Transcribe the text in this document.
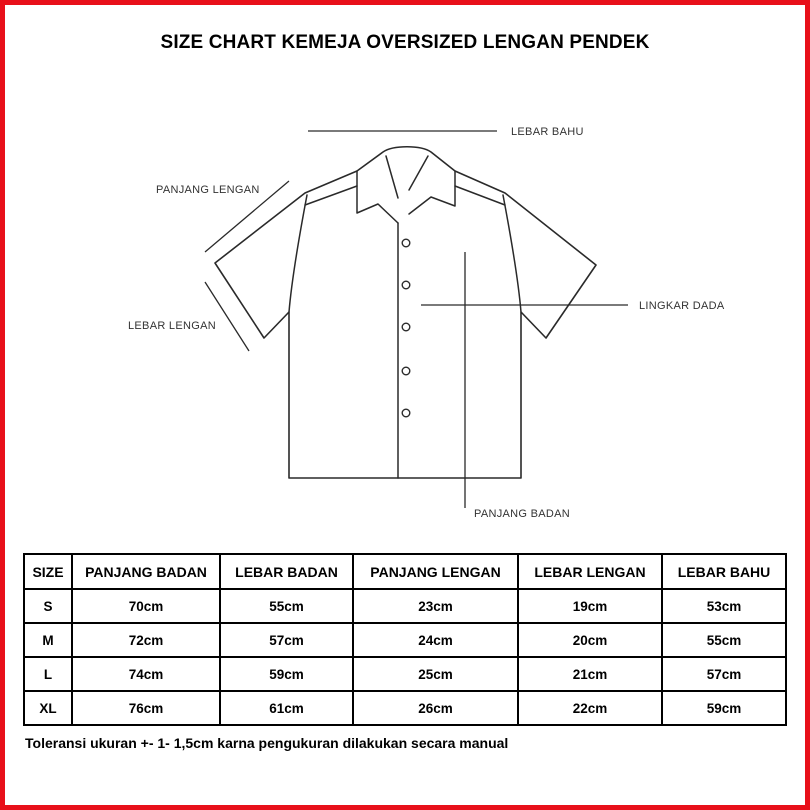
SIZE CHART KEMEJA OVERSIZED LENGAN PENDEK
LEBAR BAHU
PANJANG LENGAN
LEBAR LENGAN
LINGKAR DADA
PANJANG BADAN
SIZE	PANJANG BADAN	LEBAR BADAN	PANJANG LENGAN	LEBAR LENGAN	LEBAR BAHU
S	70cm	55cm	23cm	19cm	53cm
M	72cm	57cm	24cm	20cm	55cm
L	74cm	59cm	25cm	21cm	57cm
XL	76cm	61cm	26cm	22cm	59cm
Toleransi ukuran +- 1- 1,5cm karna pengukuran dilakukan secara manual
